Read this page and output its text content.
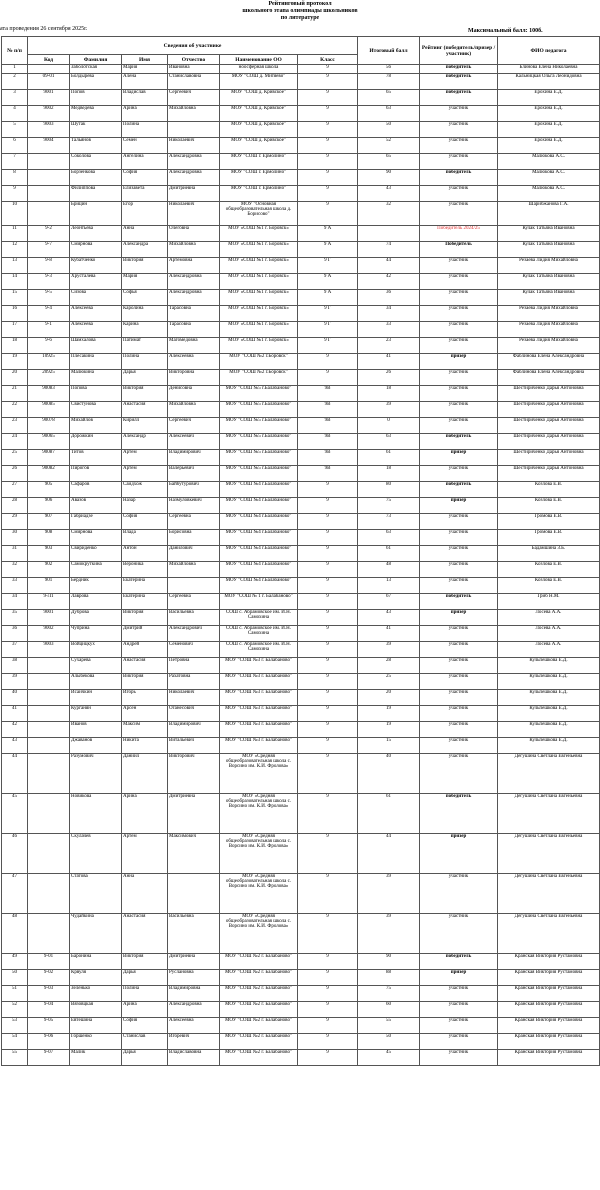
Рейтинговый протокол
школьного этапа олимпиады школьников
по литературе
ата проведения 26 сентября 2025г.	Максимальный балл: 100б.
№ п/п	Сведения об участнике						Итоговый балл	Рейтинг (победитель/призер /участник)	ФИО педагога
	Код	Фамилия	Имя	Отчество	Наименование ОО	Класс			
1		Заболотская	Мария	Ивановна	ноосферная школа	9	56	победитель	Блинова Елена Николаевна
2	09-01	Болдырева	Алена	Станиславовна	МОУ "СОШ д. Митяево"	9	78	победитель	Кальницкая Ольга Леонидовна
3	9001	Попов	Владислав	Сергеевич	МОУ "СОШ д. Кривское"	9	65	победитель	Ерохина Е.Д.
4	9002	Медведева	Арина	Михайловна	МОУ "СОШ д. Кривское"	9	63	участник	Ерохина Е.Д.
5	9003	Шутак	Полина		МОУ "СОШ д. Кривское"	9	50	участник	Ерохина Е.Д.
6	9004	Тальянов	Семен	Николаевич	МОУ "СОШ д. Кривское"	9	52	участник	Ерохина Е.Д.
7		Соколова	Ангелина	Александровна	МОУ "СОШ г. Ермолино"	9	65	участник	Малюкова А.С.
8		Борзенкова	София	Александровна	МОУ "СОШ г. Ермолино"	9	90	победитель	Малюкова А.С.
9		Филиппова	Елизавета	Дмитриевна	МОУ "СОШ г. Ермолино"	9	43	участник	Малюкова А.С.
10		Брицин	Егор	Николаевич	МОУ "Основная общеобразовательная школа д. Борисово"	9	32	участник	Шарибжанова Г.А.
11	9-2	Леонтьева	Анна	Олеговна	МОУ «СОШ №1 г. Боровск»	9 А		Победитель 2024/25	Кулак Татьяна Ивановна
12	9-7	Смирнова	Александра	Михайловна	МОУ «СОШ №1 г. Боровск»	9 А	74	Победитель	Кулак Татьяна Ивановна
13	9-8	Кубатченко	Виктория	Артемовна	МОУ «СОШ №1 г. Боровск»	9 Г	44	участник	Резаева Лидия Михайловна
14	9-3	Хрусталева	Мария	Александровна	МОУ «СОШ №1 г. Боровск»	9 А	42	участник	Кулак Татьяна Ивановна
15	9-5	Сизова	Софья	Александровна	МОУ «СОШ №1 г. Боровск»	9 А	36	участник	Кулак Татьяна Ивановна
16	9-4	Алексеева	Каролина	Тарасовна	МОУ «СОШ №1 г. Боровск»	9 Г	34	участник	Резаева Лидия Михайловна
17	9-1	Алексеева	Карина	Тарасовна	МОУ «СОШ №1 г. Боровск»	9 Г	33	участник	Резаева Лидия Михайловна
18	9-6	Шамхалова	Патимат	Магомедовна	МОУ «СОШ №1 г. Боровск»	9 Г	23	участник	Резаева Лидия Михайловна
19	10925	Плесакина	Полина	Алексеевна	МОУ "СОШ №2 г.Боровск"	9	41	призер	Фаблинова Елена Александровна
20	20925	Малюкина	Дарья	Викторовна	МОУ "СОШ №2 г.Боровск"	9	26	участник	Фаблинова Елена Александровна
21	90083	Попова	Виктория	Денисовна	МОУ "СОШ №5 г.Балабаново"	9В	18	участник	Шестириченко Дарья Антоновна
22	90085	Свистунова	Анастасия	Михайловна	МОУ "СОШ №5 г.Балабаново"	9В	39	участник	Шестириченко Дарья Антоновна
23	90078	Михайлов	Кирилл	Сергеевич	МОУ "СОШ №5 г.Балабаново"	9В	0	участник	Шестириченко Дарья Антоновна
24	90065	Дорожкин	Александр	Алексеевич	МОУ "СОШ №5 г.Балабаново"	9В	63	победитель	Шестириченко Дарья Антоновна
25	90087	Титов	Артём	Владимирович	МОУ "СОШ №5 г.Балабаново"	9В	61	призер	Шестириченко Дарья Антоновна
26	90082	Пирогов	Артём	Валерьевич	МОУ "СОШ №5 г.Балабаново"	9В	18	участник	Шестириченко Дарья Антоновна
27	905	Сафаров	Саидхож	Байбутурович	МОУ "СОШ №4 г.Балабаново"	9	80	победитель	Козлова Е.В.
28	906	Авазов	Назар	Назмуловкевич	МОУ "СОШ №4 г.Балабаново"	9	75	призер	Козлова Е.В.
29	907	Габриадзе	София	Сергеевна	МОУ "СОШ №4 г.Балабаново"	9	73	участник	Громова Е.В.
30	908	Смирнова	Влада	Борисовна	МОУ "СОШ №4 г.Балабаново"	9	63	участник	Громова Е.В.
31	903	Свириденко	Антон	Данилович	МОУ "СОШ №4 г.Балабаново"	9	61	участник	Бадамшина З.Б.
32	902	Самокруткина	Вероника	Михайловна	МОУ "СОШ №4 г.Балабаново"	9	48	участник	Козлова Е.В.
33	901	Бердник	Екатерина		МОУ "СОШ №4 г.Балабаново"	9	13	участник	Козлова Е.В.
34	9-Л1	Лаврова	Екатерина	Сергеевна	МОУ "СОШ № 1 г. Балабаново"	9	67	победитель	Гриб Н.М.
35	9001	Дуброва	Виктория	Васильевна	СОШ с. Абрамовское им. И.Н. Самохина	9	43	призер	Лосева А.А.
36	9002	Чуприна	Дмитрий	Александрович	СОШ с. Абрамовское им. И.Н. Самохина	9	41	участник	Лосева А.А.
37	9003	Войцицкух	Андрей	Семенович	СОШ с. Абрамовское им. И.Н. Самохина	9	39	участник	Лосева А.А.
38		Сухарева	Анастасия	Петровна	МОУ "СОШ №3 г. Балабаново"	9	28	участник	Кульпешкова Е.Д.
39		Алыбекова	Виктория	Рахатовна	МОУ "СОШ №3 г. Балабаново"	9	25	участник	Кульпешкова Е.Д.
40		Исаичкин	Игорь	Николаевич	МОУ "СОШ №3 г. Балабаново"	9	20	участник	Кульпешкова Е.Д.
41		Курганян	Арсен	Оганесович	МОУ "СОШ №3 г. Балабаново"	9	19	участник	Кульпешкова Е.Д.
42		Иванов	Максим	Владимирович	МОУ "СОШ №3 г. Балабаново"	9	19	участник	Кульпешкова Е.Д.
43		Джаванов	Никита	Витальевич	МОУ "СОШ №3 г. Балабаново"	9	15	участник	Кульпешкова Е.Д.
44		Разумович	Даниил	Викторович	МОУ «Средняя общеобразовательная школа с. Ворсино им. К.И. Фролова»	9	40	участник	Дегушина Светлана Евгеньевна
45		Новикова	Арина	Дмитриевна	МОУ «Средняя общеобразовательная школа с. Ворсино им. К.И. Фролова»	9	61	победитель	Дегушина Светлана Евгеньевна
46		Скулачев	Артем	Максимович	МОУ «Средняя общеобразовательная школа с. Ворсино им. К.И. Фролова»	9	44	призер	Дегушина Светлана Евгеньевна
47		Статова	Анна		МОУ «Средняя общеобразовательная школа с. Ворсино им. К.И. Фролова»	9	39	участник	Дегушина Светлана Евгеньевна
48		Чудайкина	Анастасия	Васильевна	МОУ «Средняя общеобразовательная школа с. Ворсино им. К.И. Фролова»	9	39	участник	Дегушина Светлана Евгеньевна
49	9-01	Баронина	Виктория	Дмитриевна	МОУ "СОШ №2 г. Балабаново"	9	90	победитель	Кранская Виктория Рустамовна
50	9-02	Крвуля	Дарья	Руслановна	МОУ "СОШ №2 г. Балабаново"	9	88	призер	Кранская Виктория Рустамовна
51	9-03	Зеленько	Полина	Владимировна	МОУ "СОШ №2 г. Балабаново"	9	75	участник	Кранская Виктория Рустамовна
52	9-04	Вязовцкая	Арина	Александровна	МОУ "СОШ №2 г. Балабаново"	9	60	участник	Кранская Виктория Рустамовна
53	9-05	Евтешина	София	Алексеевна	МОУ "СОШ №2 г. Балабаново"	9	55	участник	Кранская Виктория Рустамовна
54	9-06	Горшенко	Станислав	Игоревич	МОУ "СОШ №2 г. Балабаново"	9	50	участник	Кранская Виктория Рустамовна
55	9-07	Малик	Дарья	Владиславовна	МОУ "СОШ №2 г. Балабаново"	9	45	участник	Кранская Виктория Рустамовна
